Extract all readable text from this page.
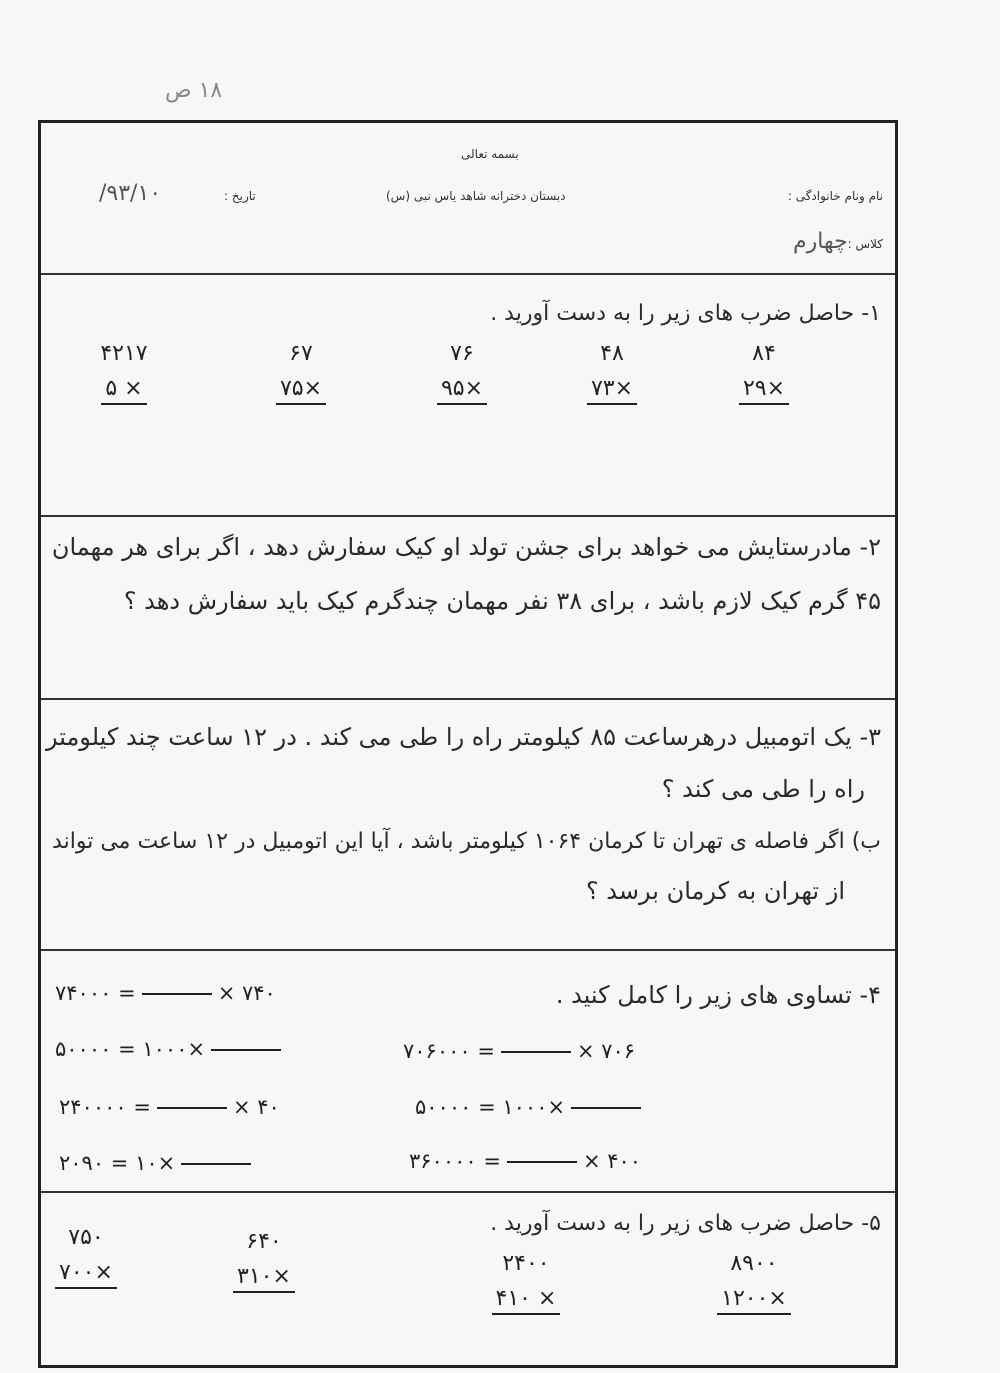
۱۸ ص
بسمه تعالی
نام ونام خانوادگی :
دبستان دخترانه شاهد یاس نبی (س)
تاریخ :
۹۳/۱۰/
کلاس :
چهارم
۱- حاصل ضرب های زیر را به دست آورید .
۸۴
×۲۹
۴۸
×۷۳
۷۶
×۹۵
۶۷
×۷۵
۴۲۱۷
× ۵
۲- مادرستایش می خواهد برای جشن تولد او کیک سفارش دهد ، اگر برای هر مهمان
۴۵ گرم کیک لازم باشد ، برای ۳۸ نفر مهمان چندگرم کیک باید سفارش دهد ؟
۳- یک اتومبیل درهرساعت ۸۵ کیلومتر راه را طی می کند . در ۱۲ ساعت چند کیلومتر
راه را طی می کند ؟
ب) اگر فاصله ی تهران تا کرمان ۱۰۶۴ کیلومتر باشد ، آیا این اتومبیل در ۱۲ ساعت می تواند
از تهران به کرمان برسد ؟
۴- تساوی های زیر را کامل کنید .
۷۴۰ ×= ۷۴۰۰۰
×۱۰۰۰ = ۵۰۰۰۰
۴۰ ×= ۲۴۰۰۰۰
×۱۰ = ۲۰۹۰
۷۰۶ ×= ۷۰۶۰۰۰
×۱۰۰۰ = ۵۰۰۰۰
۴۰۰ ×= ۳۶۰۰۰۰
۵- حاصل ضرب های زیر را به دست آورید .
۸۹۰۰
×۱۲۰۰
۲۴۰۰
× ۴۱۰
۶۴۰
×۳۱۰
۷۵۰
×۷۰۰
